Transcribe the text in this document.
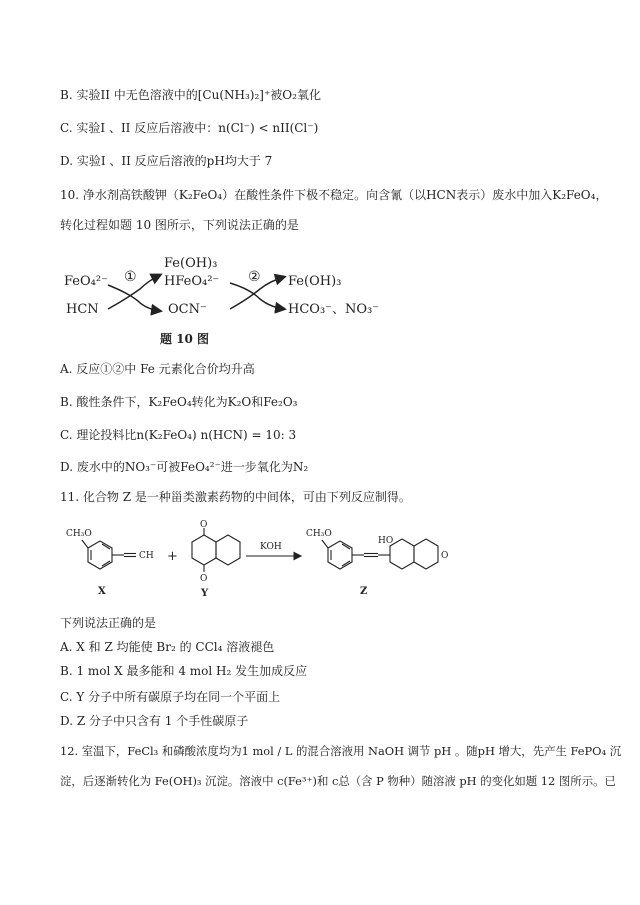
B. 实验II 中无色溶液中的[Cu(NH₃)₂]⁺被O₂氧化
C. 实验I 、II 反应后溶液中：n(Cl⁻) < nII(Cl⁻)
D. 实验I 、II 反应后溶液的pH均大于 7
10. 净水剂高铁酸钾（K₂FeO₄）在酸性条件下极不稳定。向含氰（以HCN表示）废水中加入K₂FeO₄，
转化过程如题 10 图所示，下列说法正确的是
FeO₄²⁻
HCN
①
Fe(OH)₃
HFeO₄²⁻
OCN⁻
② Fe(OH)₃
HCO₃⁻、NO₃⁻
题 10 图
A. 反应①②中 Fe 元素化合价均升高
B. 酸性条件下，K₂FeO₄转化为K₂O和Fe₂O₃
C. 理论投料比n(K₂FeO₄) n(HCN) = 10: 3
D. 废水中的NO₃⁻可被FeO₄²⁻进一步氧化为N₂
11. 化合物 Z 是一种甾类激素药物的中间体，可由下列反应制得。
CH₃O
CH
X
+
O
O
Y
KOH
CH₃O
HO
O
Z
下列说法正确的是
A. X 和 Z 均能使 Br₂ 的 CCl₄ 溶液褪色
B. 1 mol X 最多能和 4 mol H₂ 发生加成反应
C. Y 分子中所有碳原子均在同一个平面上
D. Z 分子中只含有 1 个手性碳原子
12. 室温下，FeCl₃ 和磷酸浓度均为1 mol / L 的混合溶液用 NaOH 调节 pH 。随pH 增大，先产生 FePO₄ 沉
淀，后逐渐转化为 Fe(OH)₃ 沉淀。溶液中 c(Fe³⁺)和 c总（含 P 物种）随溶液 pH 的变化如题 12 图所示。已
